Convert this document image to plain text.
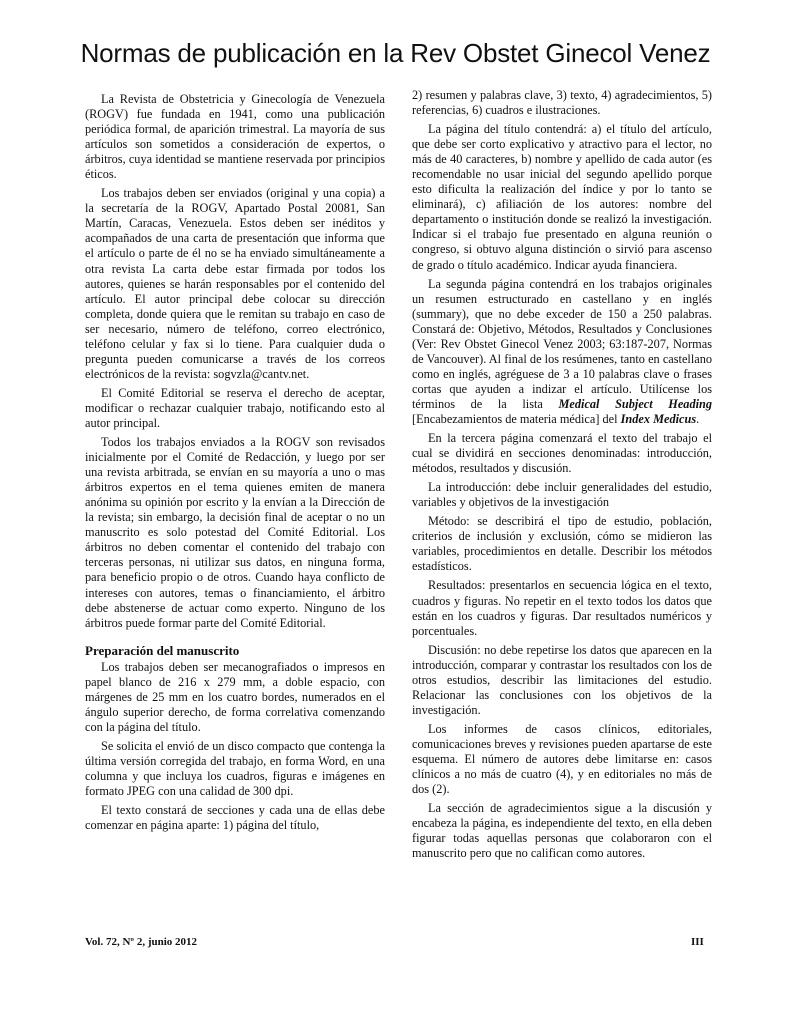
Normas de publicación en la Rev Obstet Ginecol Venez

La Revista de Obstetricia y Ginecología de Venezuela (ROGV) fue fundada en 1941, como una publicación periódica formal, de aparición trimestral. La mayoría de sus artículos son sometidos a consideración de expertos, o árbitros, cuya identidad se mantiene reservada por principios éticos.

Los trabajos deben ser enviados (original y una copia) a la secretaría de la ROGV, Apartado Postal 20081, San Martín, Caracas, Venezuela. Estos deben ser inéditos y acompañados de una carta de presentación que informa que el artículo o parte de él no se ha enviado simultáneamente a otra revista La carta debe estar firmada por todos los autores, quienes se harán responsables por el contenido del artículo. El autor principal debe colocar su dirección completa, donde quiera que le remitan su trabajo en caso de ser necesario, número de teléfono, correo electrónico, teléfono celular y fax si lo tiene. Para cualquier duda o pregunta pueden comunicarse a través de los correos electrónicos de la revista: sogvzla@cantv.net.

El Comité Editorial se reserva el derecho de aceptar, modificar o rechazar cualquier trabajo, notificando esto al autor principal.

Todos los trabajos enviados a la ROGV son revisados inicialmente por el Comité de Redacción, y luego por ser una revista arbitrada, se envían en su mayoría a uno o mas árbitros expertos en el tema quienes emiten de manera anónima su opinión por escrito y la envían a la Dirección de la revista; sin embargo, la decisión final de aceptar o no un manuscrito es solo potestad del Comité Editorial. Los árbitros no deben comentar el contenido del trabajo con terceras personas, ni utilizar sus datos, en ninguna forma, para beneficio propio o de otros. Cuando haya conflicto de intereses con autores, temas o financiamiento, el árbitro debe abstenerse de actuar como experto. Ninguno de los árbitros puede formar parte del Comité Editorial.

Preparación del manuscrito

Los trabajos deben ser mecanografiados o impresos en papel blanco de 216 x 279 mm, a doble espacio, con márgenes de 25 mm en los cuatro bordes, numerados en el ángulo superior derecho, de forma correlativa comenzando con la página del título.

Se solicita el envió de un disco compacto que contenga la última versión corregida del trabajo, en forma Word, en una columna y que incluya los cuadros, figuras e imágenes en formato JPEG con una calidad de 300 dpi.

El texto constará de secciones y cada una de ellas debe comenzar en página aparte: 1) página del título,

2) resumen y palabras clave, 3) texto, 4) agradecimientos, 5) referencias, 6) cuadros e ilustraciones.

La página del título contendrá: a) el título del artículo, que debe ser corto explicativo y atractivo para el lector, no más de 40 caracteres, b) nombre y apellido de cada autor (es recomendable no usar inicial del segundo apellido porque esto dificulta la realización del índice y por lo tanto se eliminará), c) afiliación de los autores: nombre del departamento o institución donde se realizó la investigación. Indicar si el trabajo fue presentado en alguna reunión o congreso, si obtuvo alguna distinción o sirvió para ascenso de grado o título académico. Indicar ayuda financiera.

La segunda página contendrá en los trabajos originales un resumen estructurado en castellano y en inglés (summary), que no debe exceder de 150 a 250 palabras. Constará de: Objetivo, Métodos, Resultados y Conclusiones (Ver: Rev Obstet Ginecol Venez 2003; 63:187-207, Normas de Vancouver). Al final de los resúmenes, tanto en castellano como en inglés, agréguese de 3 a 10 palabras clave o frases cortas que ayuden a indizar el artículo. Utilícense los términos de la lista Medical Subject Heading [Encabezamientos de materia médica] del Index Medicus.

En la tercera página comenzará el texto del trabajo el cual se dividirá en secciones denominadas: introducción, métodos, resultados y discusión.

La introducción: debe incluir generalidades del estudio, variables y objetivos de la investigación

Método: se describirá el tipo de estudio, población, criterios de inclusión y exclusión, cómo se midieron las variables, procedimientos en detalle. Describir los métodos estadísticos.

Resultados: presentarlos en secuencia lógica en el texto, cuadros y figuras. No repetir en el texto todos los datos que están en los cuadros y figuras. Dar resultados numéricos y porcentuales.

Discusión: no debe repetirse los datos que aparecen en la introducción, comparar y contrastar los resultados con los de otros estudios, describir las limitaciones del estudio. Relacionar las conclusiones con los objetivos de la investigación.

Los informes de casos clínicos, editoriales, comunicaciones breves y revisiones pueden apartarse de este esquema. El número de autores debe limitarse en: casos clínicos a no más de cuatro (4), y en editoriales no más de dos (2).

La sección de agradecimientos sigue a la discusión y encabeza la página, es independiente del texto, en ella deben figurar todas aquellas personas que colaboraron con el manuscrito pero que no califican como autores.

Vol. 72, Nº 2, junio 2012	III
